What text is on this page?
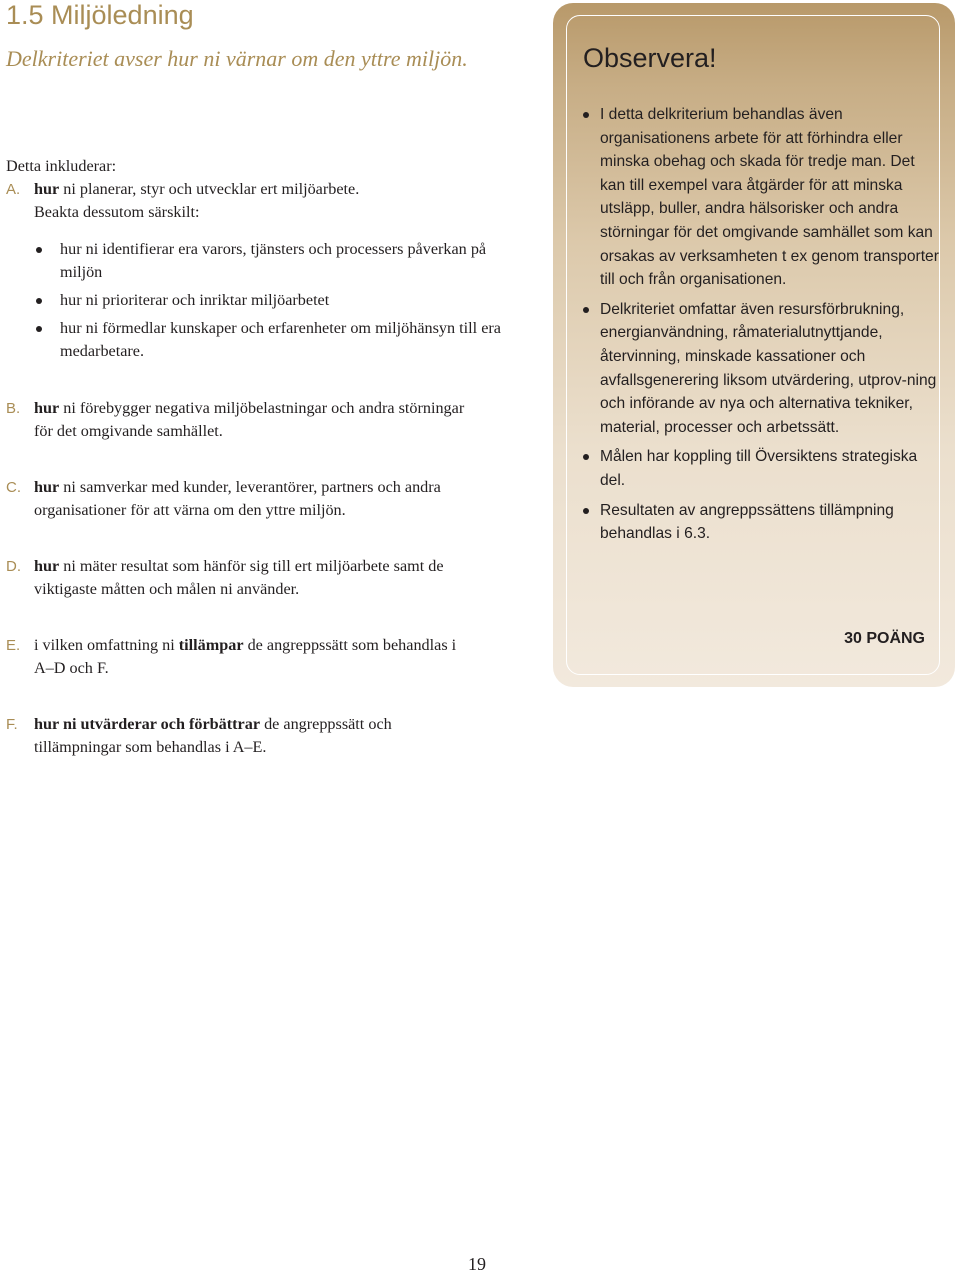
1.5 Miljöledning
Delkriteriet avser hur ni värnar om den yttre miljön.
Detta inkluderar:
A. hur ni planerar, styr och utvecklar ert miljöarbete.
Beakta dessutom särskilt:
hur ni identifierar era varors, tjänsters och processers påverkan på miljön
hur ni prioriterar och inriktar miljöarbetet
hur ni förmedlar kunskaper och erfarenheter om miljöhänsyn till era medarbetare.
B. hur ni förebygger negativa miljöbelastningar och andra störningar för det omgivande samhället.
C. hur ni samverkar med kunder, leverantörer, partners och andra organisationer för att värna om den yttre miljön.
D. hur ni mäter resultat som hänför sig till ert miljöarbete samt de viktigaste måtten och målen ni använder.
E. i vilken omfattning ni tillämpar de angreppssätt som behandlas i A–D och F.
F. hur ni utvärderar och förbättrar de angreppssätt och tillämpningar som behandlas i A–E.
Observera!
I detta delkriterium behandlas även organisationens arbete för att förhindra eller minska obehag och skada för tredje man. Det kan till exempel vara åtgärder för att minska utsläpp, buller, andra hälsorisker och andra störningar för det omgivande samhället som kan orsakas av verksamheten t ex genom transporter till och från organisationen.
Delkriteriet omfattar även resursförbrukning, energianvändning, råmaterialutnyttjande, återvinning, minskade kassationer och avfallsgenerering liksom utvärdering, utprov-ning och införande av nya och alternativa tekniker, material, processer och arbetssätt.
Målen har koppling till Översiktens strategiska del.
Resultaten av angreppssättens tillämpning behandlas i 6.3.
30 POÄNG
19
